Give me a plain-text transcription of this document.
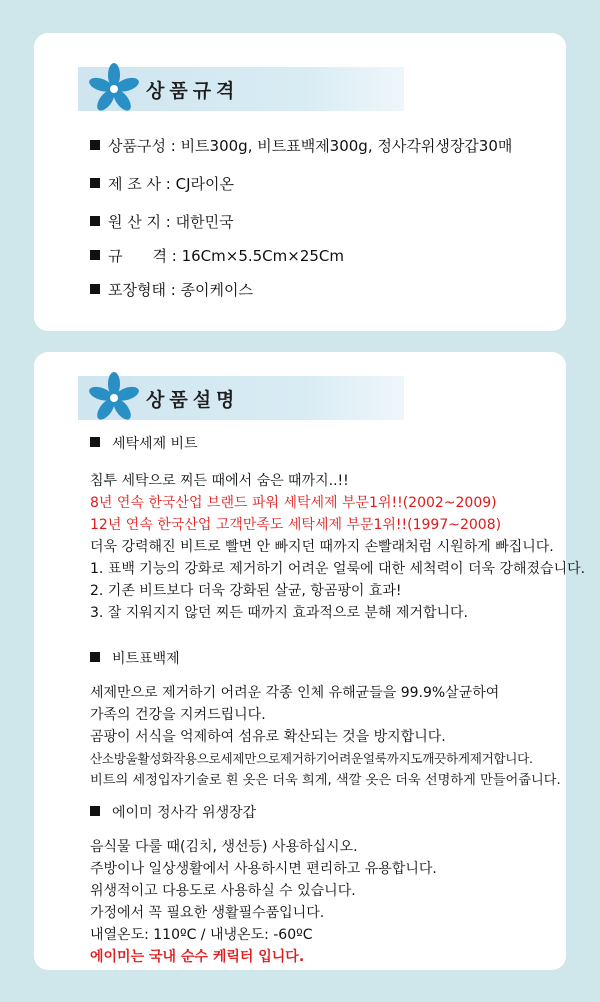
상품규격
상품구성 : 비트300g, 비트표백제300g, 정사각위생장갑30매
제 조 사 : CJ라이온
원 산 지 : 대한민국
규　　격 : 16Cm×5.5Cm×25Cm
포장형태 : 종이케이스
상품설명
세탁세제 비트
침투 세탁으로 찌든 때에서 숨은 때까지..!!
8년 연속 한국산업 브랜드 파워 세탁세제 부문1위!!(2002~2009)
12년 연속 한국산업 고객만족도 세탁세제 부문1위!!(1997~2008)
더욱 강력해진 비트로 빨면 안 빠지던 때까지 손빨래처럼 시원하게 빠집니다.
1. 표백 기능의 강화로 제거하기 어려운 얼룩에 대한 세척력이 더욱 강해졌습니다.
2. 기존 비트보다 더욱 강화된 살균, 항곰팡이 효과!
3. 잘 지워지지 않던 찌든 때까지 효과적으로 분해 제거합니다.
비트표백제
세제만으로 제거하기 어려운 각종 인체 유해균들을 99.9%살균하여
가족의 건강을 지켜드립니다.
곰팡이 서식을 억제하여 섬유로 확산되는 것을 방지합니다.
산소방울활성화작용으로세제만으로제거하기어려운얼룩까지도깨끗하게제거합니다.
비트의 세정입자기술로 흰 옷은 더욱 희게, 색깔 옷은 더욱 선명하게 만들어줍니다.
에이미 정사각 위생장갑
음식물 다룰 때(김치, 생선등) 사용하십시오.
주방이나 일상생활에서 사용하시면 편리하고 유용합니다.
위생적이고 다용도로 사용하실 수 있습니다.
가정에서 꼭 필요한 생활필수품입니다.
내열온도: 110ºC / 내냉온도: -60ºC
에이미는 국내 순수 케릭터 입니다.
